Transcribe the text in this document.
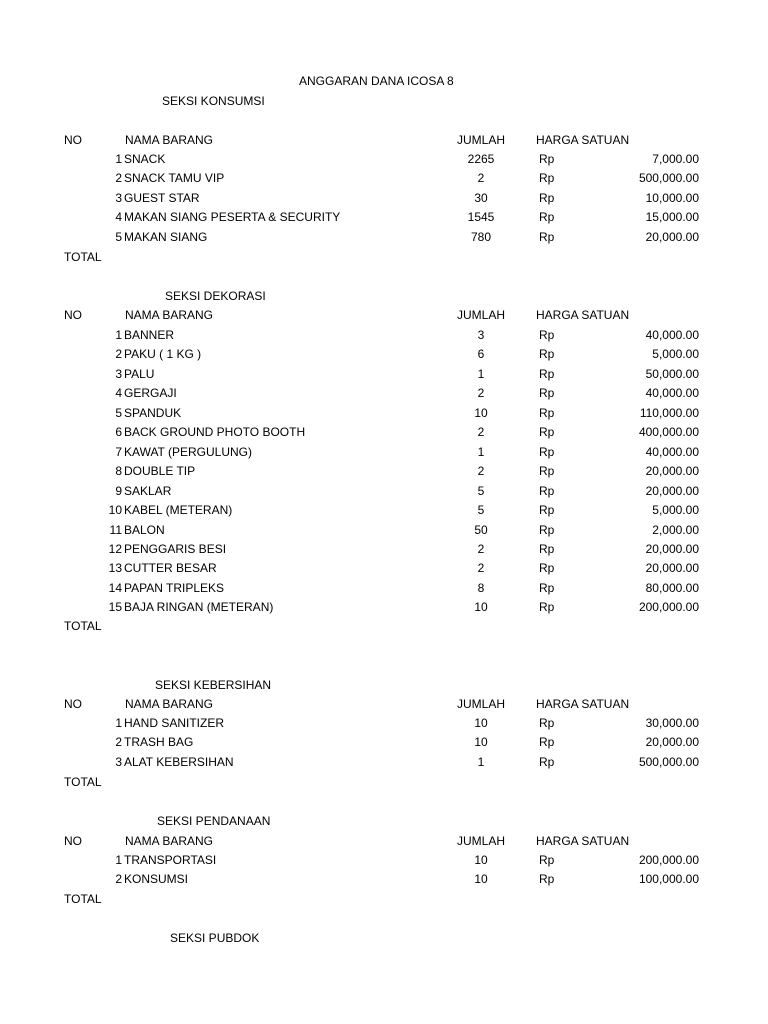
ANGGARAN DANA ICOSA 8
SEKSI KONSUMSI
NO	NAMA BARANG	JUMLAH	HARGA SATUAN
1 SNACK	2265	Rp	7,000.00
2 SNACK TAMU VIP	2	Rp	500,000.00
3 GUEST STAR	30	Rp	10,000.00
4 MAKAN SIANG PESERTA & SECURITY	1545	Rp	15,000.00
5 MAKAN SIANG	780	Rp	20,000.00
TOTAL
SEKSI DEKORASI
NO	NAMA BARANG	JUMLAH	HARGA SATUAN
1 BANNER	3	Rp	40,000.00
2 PAKU ( 1 KG )	6	Rp	5,000.00
3 PALU	1	Rp	50,000.00
4 GERGAJI	2	Rp	40,000.00
5 SPANDUK	10	Rp	110,000.00
6 BACK GROUND PHOTO BOOTH	2	Rp	400,000.00
7 KAWAT (PERGULUNG)	1	Rp	40,000.00
8 DOUBLE TIP	2	Rp	20,000.00
9 SAKLAR	5	Rp	20,000.00
10 KABEL (METERAN)	5	Rp	5,000.00
11 BALON	50	Rp	2,000.00
12 PENGGARIS BESI	2	Rp	20,000.00
13 CUTTER BESAR	2	Rp	20,000.00
14 PAPAN TRIPLEKS	8	Rp	80,000.00
15 BAJA RINGAN (METERAN)	10	Rp	200,000.00
TOTAL
SEKSI KEBERSIHAN
NO	NAMA BARANG	JUMLAH	HARGA SATUAN
1 HAND SANITIZER	10	Rp	30,000.00
2 TRASH BAG	10	Rp	20,000.00
3 ALAT KEBERSIHAN	1	Rp	500,000.00
TOTAL
SEKSI PENDANAAN
NO	NAMA BARANG	JUMLAH	HARGA SATUAN
1 TRANSPORTASI	10	Rp	200,000.00
2 KONSUMSI	10	Rp	100,000.00
TOTAL
SEKSI PUBDOK
